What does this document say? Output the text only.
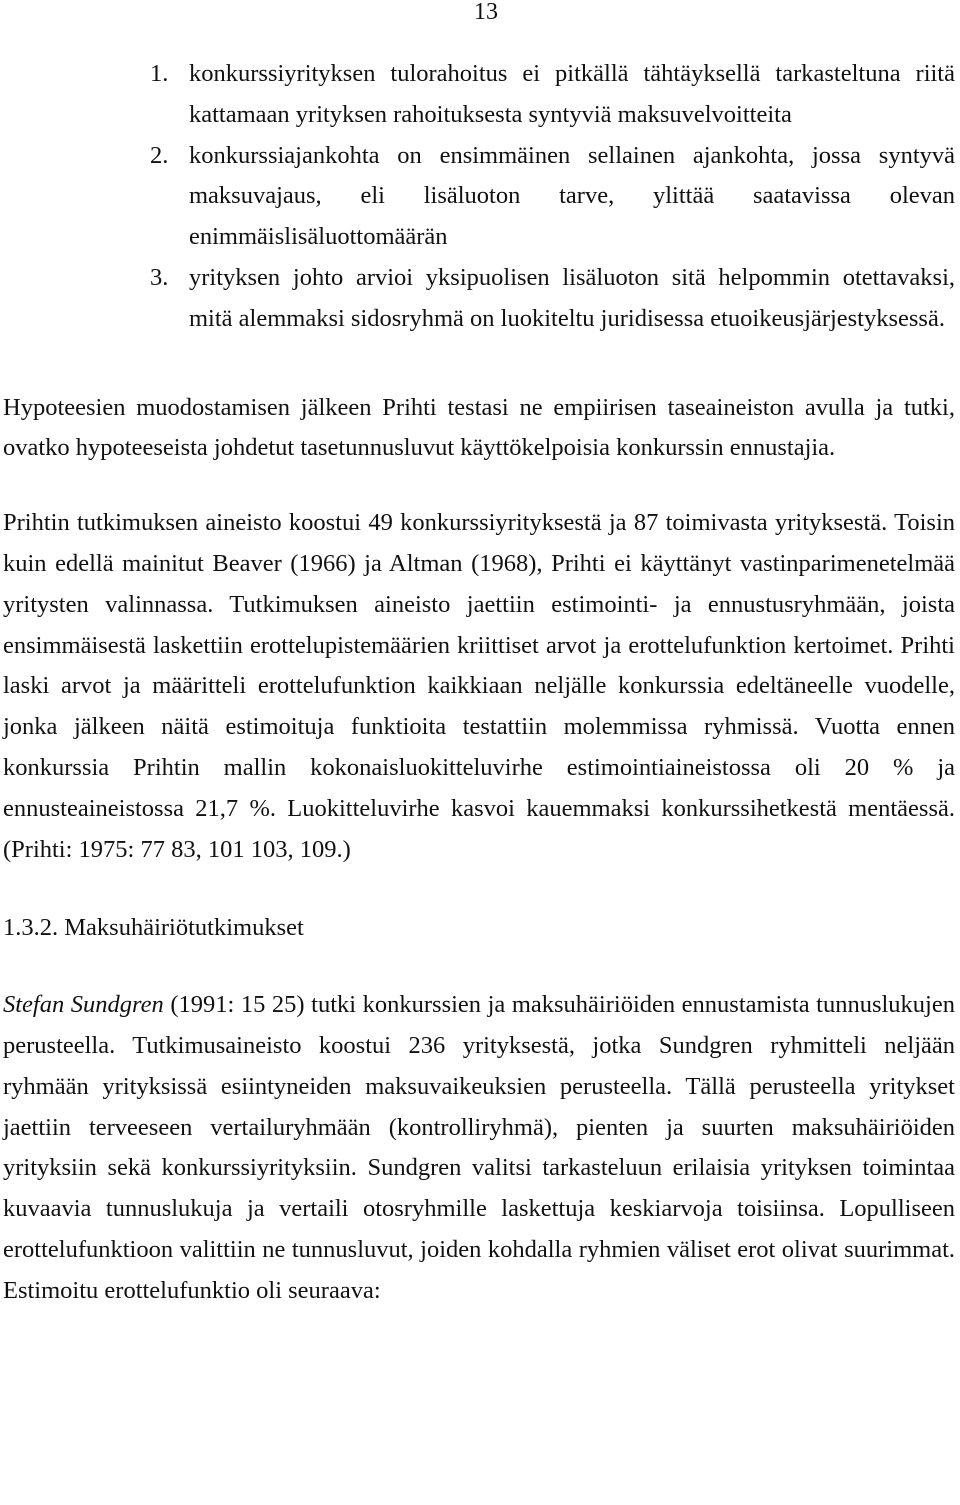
13
1. konkurssiyrityksen tulorahoitus ei pitkällä tähtäyksellä tarkasteltuna riitä kattamaan yrityksen rahoituksesta syntyviä maksuvelvoitteita
2. konkurssiajankohta on ensimmäinen sellainen ajankohta, jossa syntyvä maksuvajaus, eli lisäluoton tarve, ylittää saatavissa olevan enimmäislisäluottomäärän
3. yrityksen johto arvioi yksipuolisen lisäluoton sitä helpommin otettavaksi, mitä alemmaksi sidosryhmä on luokiteltu juridisessa etuoikeusjärjestyksessä.

Hypoteesien muodostamisen jälkeen Prihti testasi ne empiirisen taseaineiston avulla ja tutki, ovatko hypoteeseista johdetut tasetunnusluvut käyttökelpoisia konkurssin ennustajia.

Prihtin tutkimuksen aineisto koostui 49 konkurssiyrityksestä ja 87 toimivasta yrityksestä. Toisin kuin edellä mainitut Beaver (1966) ja Altman (1968), Prihti ei käyttänyt vastinparimenetelmää yritysten valinnassa. Tutkimuksen aineisto jaettiin estimointi- ja ennustusryhmään, joista ensimmäisestä laskettiin erottelupistemäärien kriittiset arvot ja erottelufunktion kertoimet. Prihti laski arvot ja määritteli erottelufunktion kaikkiaan neljälle konkurssia edeltäneelle vuodelle, jonka jälkeen näitä estimoituja funktioita testattiin molemmissa ryhmissä. Vuotta ennen konkurssia Prihtin mallin kokonaisluokitteluvirhe estimointiaineistossa oli 20 % ja ennusteaineistossa 21,7 %. Luokitteluvirhe kasvoi kauemmaksi konkurssihetkestä mentäessä. (Prihti: 1975: 77 83, 101 103, 109.)

1.3.2. Maksuhäiriötutkimukset

Stefan Sundgren (1991: 15 25) tutki konkurssien ja maksuhäiriöiden ennustamista tunnuslukujen perusteella. Tutkimusaineisto koostui 236 yrityksestä, jotka Sundgren ryhmitteli neljään ryhmään yrityksissä esiintyneiden maksuvaikeuksien perusteella. Tällä perusteella yritykset jaettiin terveeseen vertailuryhmään (kontrolliryhmä), pienten ja suurten maksuhäiriöiden yrityksiin sekä konkurssiyrityksiin. Sundgren valitsi tarkasteluun erilaisia yrityksen toimintaa kuvaavia tunnuslukuja ja vertaili otosryhmille laskettuja keskiarvoja toisiinsa. Lopulliseen erottelufunktioon valittiin ne tunnusluvut, joiden kohdalla ryhmien väliset erot olivat suurimmat. Estimoitu erottelufunktio oli seuraava:
